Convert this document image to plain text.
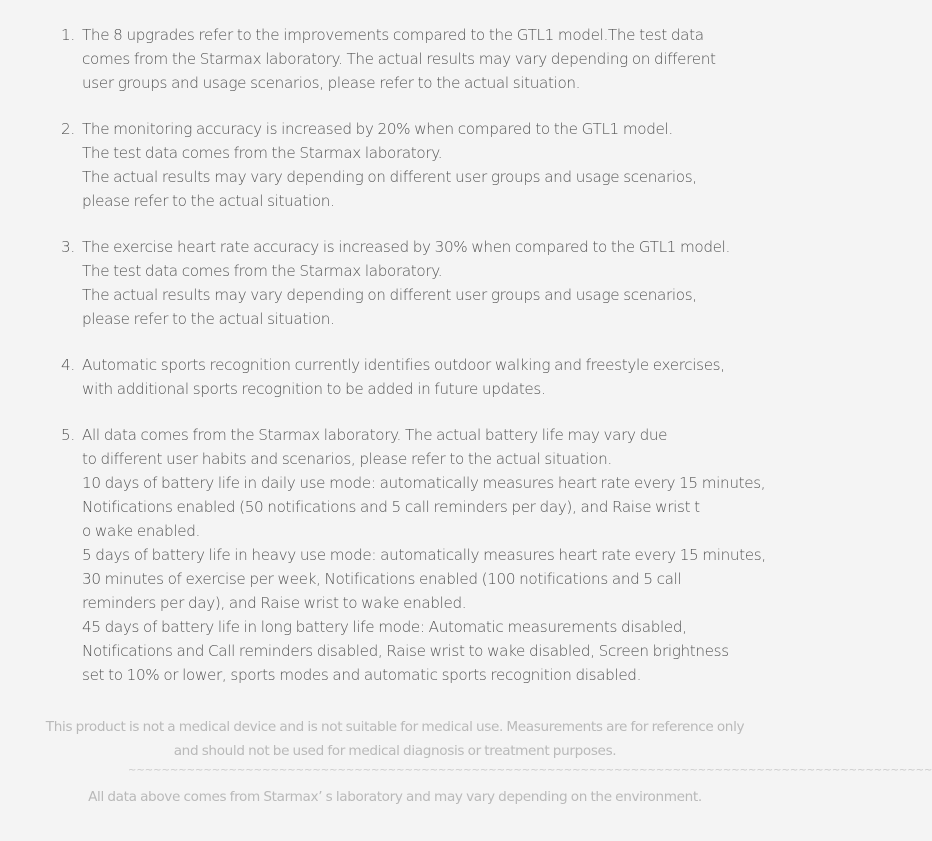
1. The 8 upgrades refer to the improvements compared to the GTL1 model.The test data
comes from the Starmax laboratory. The actual results may vary depending on different
user groups and usage scenarios, please refer to the actual situation.
2. The monitoring accuracy is increased by 20% when compared to the GTL1 model.
The test data comes from the Starmax laboratory.
The actual results may vary depending on different user groups and usage scenarios,
please refer to the actual situation.
3. The exercise heart rate accuracy is increased by 30% when compared to the GTL1 model.
The test data comes from the Starmax laboratory.
The actual results may vary depending on different user groups and usage scenarios,
please refer to the actual situation.
4. Automatic sports recognition currently identifies outdoor walking and freestyle exercises,
with additional sports recognition to be added in future updates.
5. All data comes from the Starmax laboratory. The actual battery life may vary due
to different user habits and scenarios, please refer to the actual situation.
10 days of battery life in daily use mode: automatically measures heart rate every 15 minutes,
Notifications enabled (50 notifications and 5 call reminders per day), and Raise wrist t
o wake enabled.
5 days of battery life in heavy use mode: automatically measures heart rate every 15 minutes,
30 minutes of exercise per week, Notifications enabled (100 notifications and 5 call
reminders per day), and Raise wrist to wake enabled.
45 days of battery life in long battery life mode: Automatic measurements disabled,
Notifications and Call reminders disabled, Raise wrist to wake disabled, Screen brightness
set to 10% or lower, sports modes and automatic sports recognition disabled.
This product is not a medical device and is not suitable for medical use. Measurements are for reference only
and should not be used for medical diagnosis or treatment purposes.
~~~~~~~~~~~~~~~~~~~~~~~~~~~~~~~~~~~~~~~~~~~~~~~~~~~~~~~~~~~~~~~~~~~~~~~~~~~~~~~~~~~~~~~~~~~~~~~~
All data above comes from Starmax’ s laboratory and may vary depending on the environment.
